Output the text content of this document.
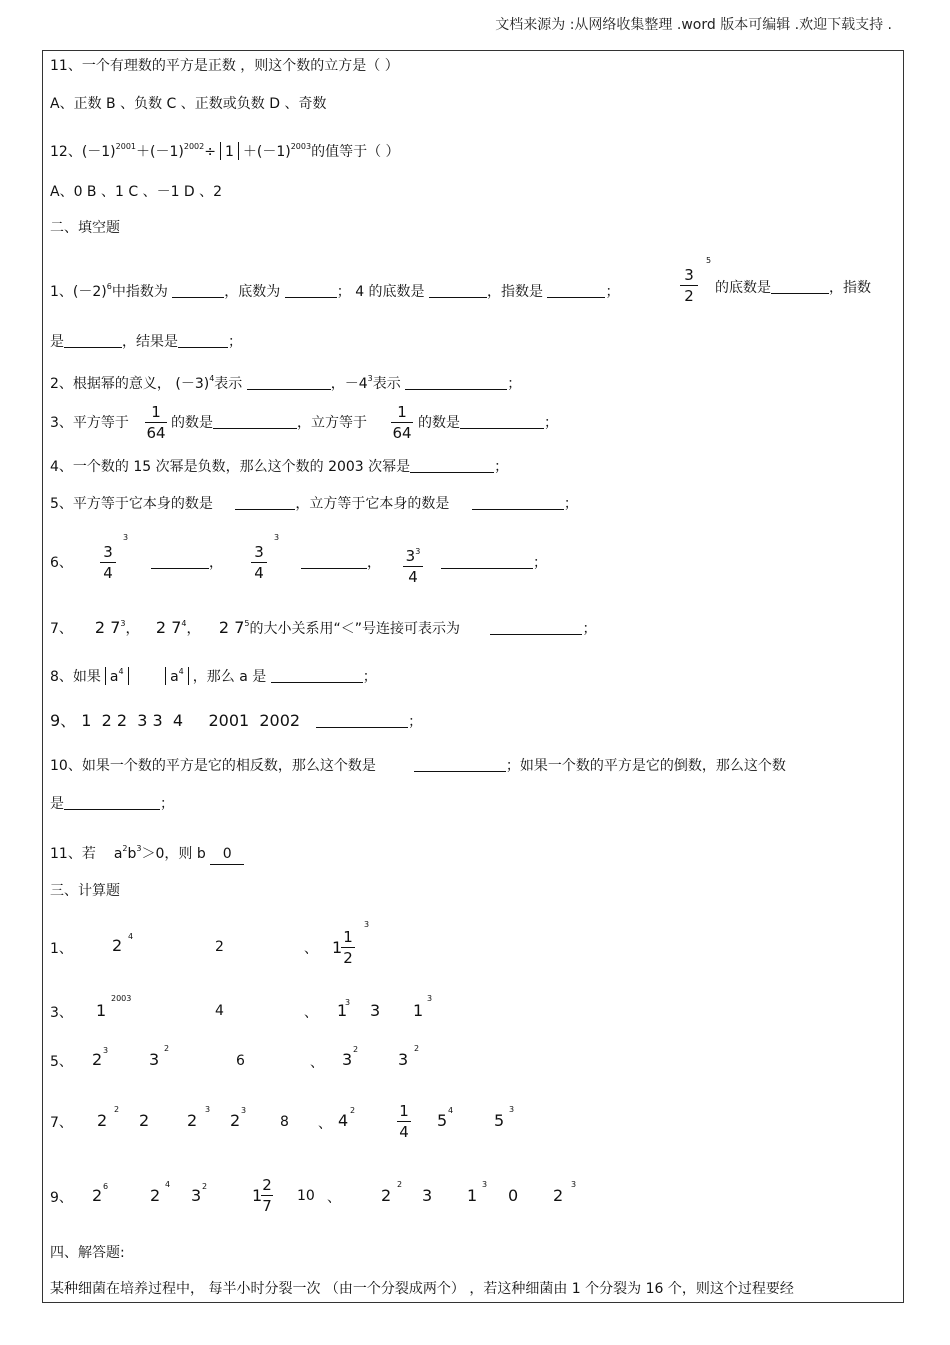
文档来源为 :从网络收集整理 .word 版本可编辑 .欢迎下载支持 .
11、一个有理数的平方是正数 ，则这个数的立方是（ ）
A、正数 B 、负数 C 、正数或负数 D 、奇数
12、$(-1)^{2001}+(-1)^{2002}\div 1 +(-1)^{2003}$的值等于（ ）
A、0 B 、1 C 、－1 D 、2
二、填空题
1、$(-2)^6$中指数为	，底数为	； 4 的底数是	，指数是	；
3
2
5
的底数是	，指数
是	，结果是	；
2、根据幂的意义， $(-3)^4$表示	，$-4^3$表示	；
3、平方等于
1
64
的数是	，立方等于
1
64
的数是	；
4、一个数的 15 次幂是负数，那么这个数的 2003 次幂是	；
5、平方等于它本身的数是	，立方等于它本身的数是	；
6、
3
4
3
，
3
4
3
， $3^3$
4
；
7、 2 $7^3$， 2 $7^4$， 2 $7^5$的大小关系用“＜”号连接可表示为	；
8、如果 $a^4$	$a^4$ ，那么 a 是	；
9、 1  2 2  3 3  4     2001  2002	；
10、如果一个数的平方是它的相反数，那么这个数是	；如果一个数的平方是它的倒数，那么这个数
是	；
11、若 $a^2b^3>0$，则 b 0
三、计算题
1、 2 4
2	、 1
1
2
3
3、 1
2003
4	、 1
3 3 1
3
5、 2 3	3
2
6	、 3
2
3
2
7、 2
2
2 2
3
2
3
8 、 4
2	1
4
5
4
5
3
9、 2 6	2
4
3 2	1
2
7
10 、	2
2
3 1
3
0 2
3
四、解答题:
某种细菌在培养过程中， 每半小时分裂一次 （由一个分裂成两个） ，若这种细菌由 1 个分裂为 16 个，则这个过程要经
